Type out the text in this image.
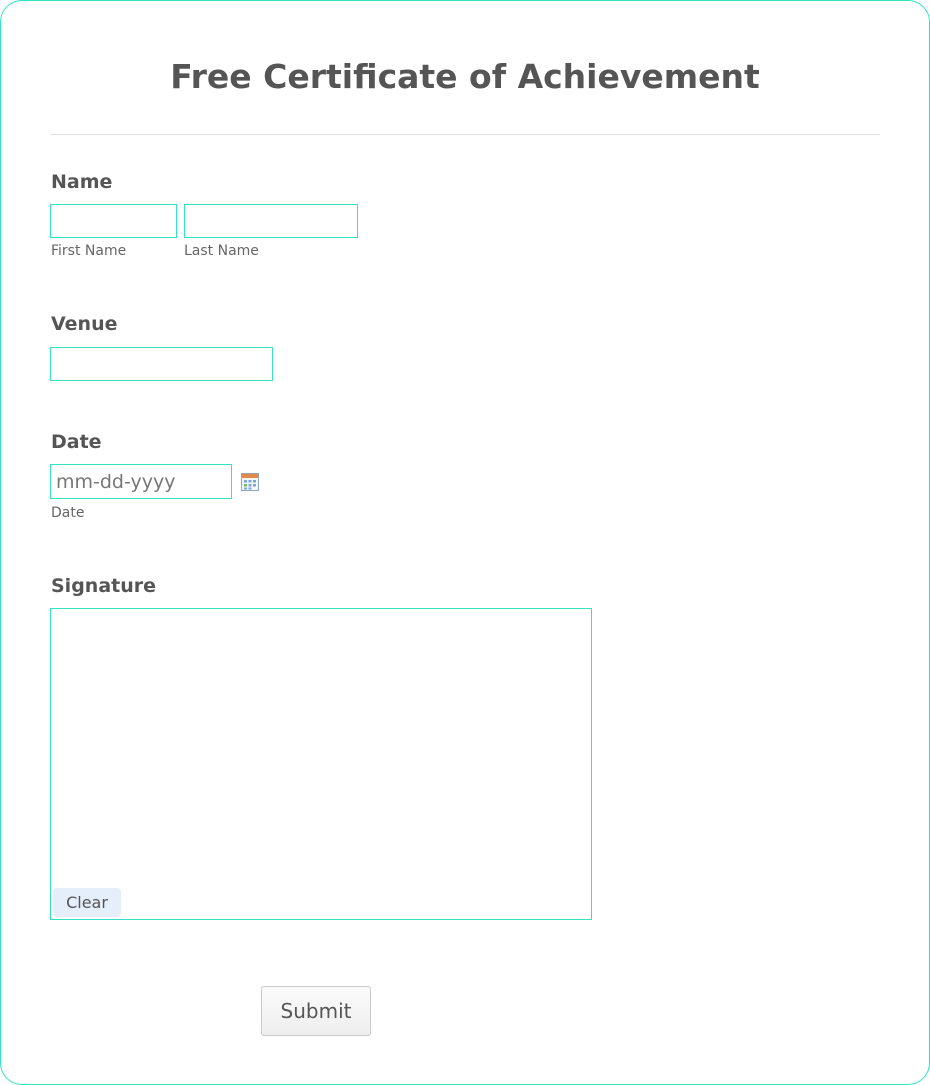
Free Certificate of Achievement
Name
First Name	Last Name
Venue
Date
mm-dd-yyyy
Date
Signature
Clear
Submit
